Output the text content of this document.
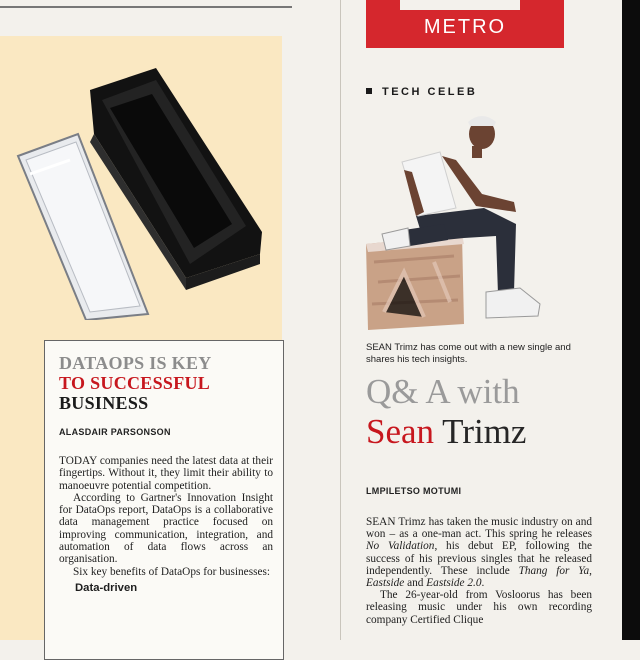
DATAOPS IS KEY
TO SUCCESSFUL
BUSINESS
ALASDAIR PARSONSON

TODAY companies need the latest data at their fingertips. Without it, they limit their ability to manoeuvre potential competition.

According to Gartner's Innovation Insight for DataOps report, DataOps is a collaborative data management practice focused on improving communication, integration, and automation of data flows across an organisation.

Six key benefits of DataOps for businesses:

Data-driven

METRO
TECH CELEB
SEAN Trimz has come out with a new single and shares his tech insights.
Q& A with
Sean Trimz
LMPILETSO MOTUMI

SEAN Trimz has taken the music industry on and won – as a one-man act. This spring he releases No Validation, his debut EP, following the success of his previous singles that he released independently. These include Thang for Ya, Eastside and Eastside 2.0.

The 26-year-old from Vosloorus has been releasing music under his own recording company Certified Clique
